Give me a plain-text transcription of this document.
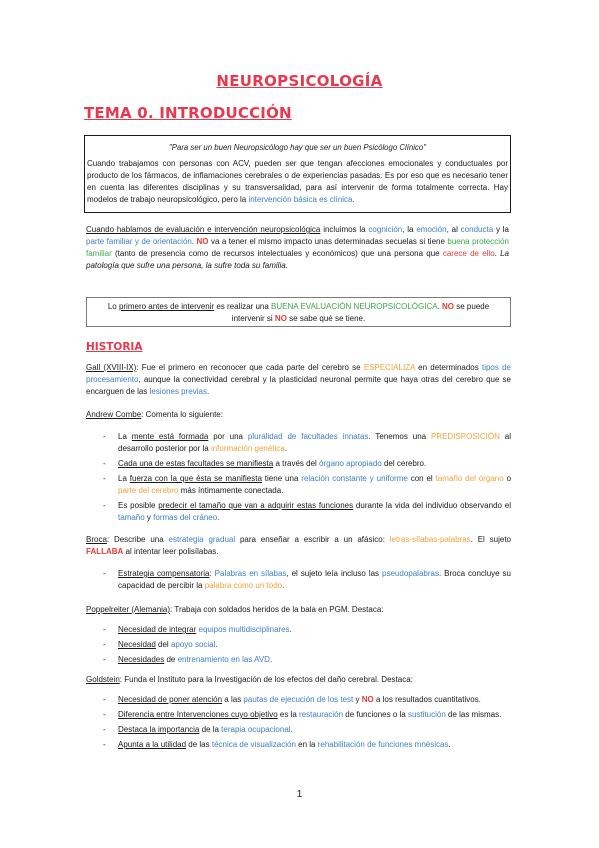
NEUROPSICOLOGÍA
TEMA 0. INTRODUCCIÓN
"Para ser un buen Neuropsicólogo hay que ser un buen Psicólogo Clínico"

Cuando trabajamos con personas con ACV, pueden ser que tengan afecciones emocionales y conductuales por producto de los fármacos, de inflamaciones cerebrales o de experiencias pasadas. Es por eso que es necesario tener en cuenta las diferentes disciplinas y su transversalidad, para así intervenir de forma totalmente correcta. Hay modelos de trabajo neuropsicológico, pero la intervención básica es clínica.

Cuando hablamos de evaluación e intervención neuropsicológica incluimos la cognición, la emoción, al conducta y la parte familiar y de orientación. NO va a tener el mismo impacto unas determinadas secuelas si tiene buena protección familiar (tanto de presencia como de recursos intelectuales y económicos) que una persona que carece de ello. La patología que sufre una persona, la sufre toda su familia.

Lo primero antes de intervenir es realizar una BUENA EVALUACIÓN NEUROPSICOLÓGICA. NO se puede intervenir si NO se sabe qué se tiene.
HISTORIA

Gall (XVIII-IX): Fue el primero en reconocer que cada parte del cerebro se ESPECIALIZA en determinados tipos de procesamiento, aunque la conectividad cerebral y la plasticidad neuronal permite que haya otras del cerebro que se encarguen de las lesiones previas.

Andrew Combe: Comenta lo siguiente:

- La mente está formada por una pluralidad de facultades innatas. Tenemos una PREDISPOSICIÓN al desarrollo posterior por la información genética.
- Cada una de estas facultades se manifiesta a través del órgano apropiado del cerebro.
- La fuerza con la que ésta se manifiesta tiene una relación constante y uniforme con el tamaño del órgano o parte del cerebro más íntimamente conectada.
- Es posible predecir el tamaño que van a adquirir estas funciones durante la vida del individuo observando el tamaño y formas del cráneo.

Broca: Describe una estrategia gradual para enseñar a escribir a un afásico: letras-sílabas-palabras. El sujeto FALLABA al intentar leer polisílabas.

- Estrategia compensatoria: Palabras en sílabas, el sujeto leía incluso las pseudopalabras. Broca concluye su capacidad de percibir la palabra como un todo.

Poppelreiter (Alemania): Trabaja con soldados heridos de la bala en PGM. Destaca:

- Necesidad de integrar equipos multidisciplinares.
- Necesidad del apoyo social.
- Necesidades de entrenamiento en las AVD.

Goldstein: Funda el Instituto para la Investigación de los efectos del daño cerebral. Destaca:

- Necesidad de poner atención a las pautas de ejecución de los test y NO a los resultados cuantitativos.
- Diferencia entre Intervenciones cuyo objetivo es la restauración de funciones o la sustitución de las mismas.
- Destaca la importancia de la terapia ocupacional.
- Apunta a la utilidad de las técnica de visualización en la rehabilitación de funciones mnésicas.
1
